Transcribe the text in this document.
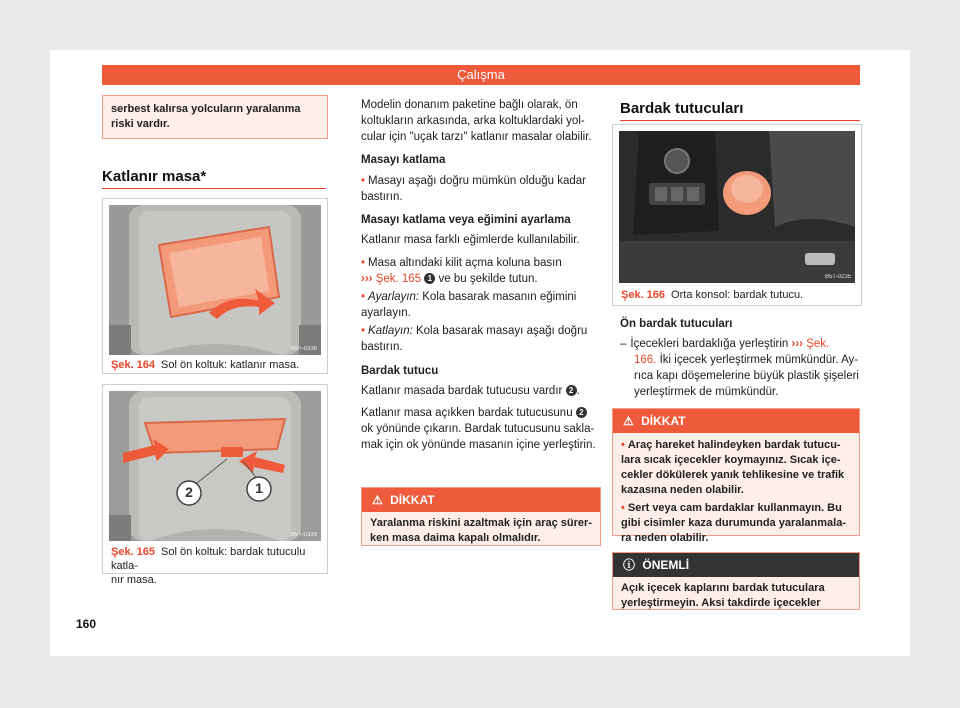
Çalışma
serbest kalırsa yolcuların yaralanma riski vardır.
Katlanır masa*
B5T-0338
Şek. 164 Sol ön koltuk: katlanır masa.
2	1
B5T-0339
Şek. 165 Sol ön koltuk: bardak tutuculu katla-
nır masa.
160
Modelin donanım paketine bağlı olarak, ön
koltukların arkasında, arka koltuklardaki yol-
cular için "uçak tarzı" katlanır masalar olabilir.
Masayı katlama
• Masayı aşağı doğru mümkün olduğu kadar
bastırın.
Masayı katlama veya eğimini ayarlama
Katlanır masa farklı eğimlerde kullanılabilir.
• Masa altındaki kilit açma koluna basın
››› Şek. 165 1 ve bu şekilde tutun.
• Ayarlayın: Kola basarak masanın eğimini
ayarlayın.
• Katlayın: Kola basarak masayı aşağı doğru
bastırın.
Bardak tutucu
Katlanır masada bardak tutucusu vardır 2 .
Katlanır masa açıkken bardak tutucusunu 2
ok yönünde çıkarın. Bardak tutucusunu sakla-
mak için ok yönünde masanın içine yerleştirin.
⚠ DİKKAT
Yaralanma riskini azaltmak için araç sürer-
ken masa daima kapalı olmalıdır.
Bardak tutucuları
B5T-0235
Şek. 166 Orta konsol: bardak tutucu.
Ön bardak tutucuları
– İçecekleri bardaklığa yerleştirin ››› Şek.
166. İki içecek yerleştirmek mümkündür. Ay-
rıca kapı döşemelerine büyük plastik şişeleri
yerleştirmek de mümkündür.
⚠ DİKKAT
• Araç hareket halindeyken bardak tutucu-
lara sıcak içecekler koymayınız. Sıcak içe-
cekler dökülerek yanık tehlikesine ve trafik
kazasına neden olabilir.
• Sert veya cam bardaklar kullanmayın. Bu
gibi cisimler kaza durumunda yaralanmala-
ra neden olabilir.
ⓘ ÖNEMLİ
Açık içecek kaplarını bardak tutuculara
yerleştirmeyin. Aksi takdirde içecekler
